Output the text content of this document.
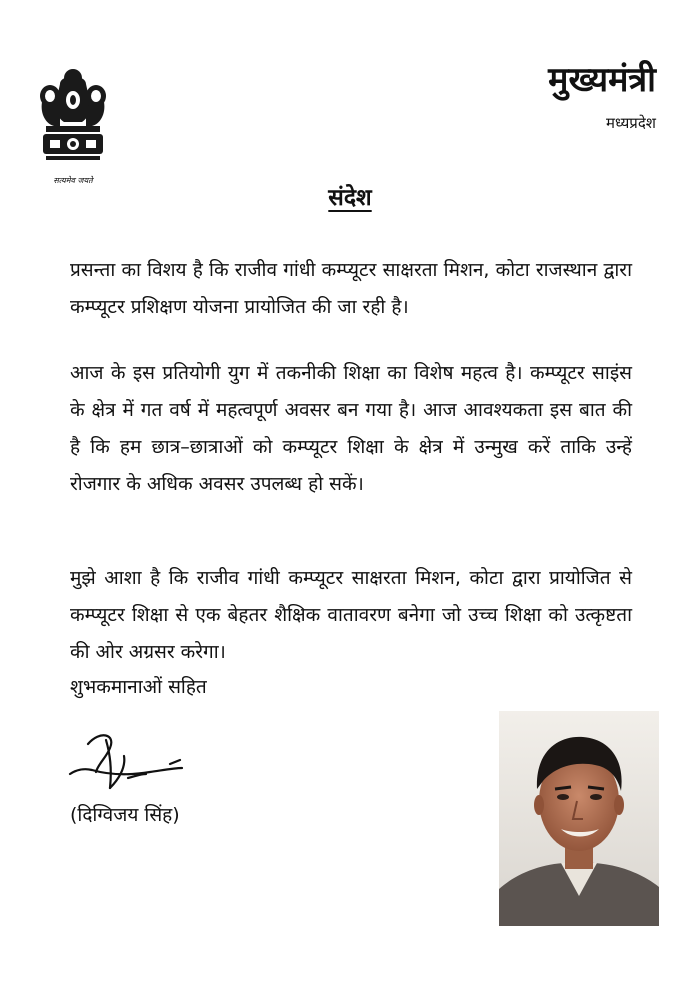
सत्यमेव जयते
मुख्यमंत्री
मध्यप्रदेश
संदेश

प्रसन्ता का विशय है कि राजीव गांधी कम्प्यूटर साक्षरता मिशन, कोटा राजस्थान द्वारा कम्प्यूटर प्रशिक्षण योजना प्रायोजित की जा रही है।

आज के इस प्रतियोगी युग में तकनीकी शिक्षा का विशेष महत्व है। कम्प्यूटर साइंस के क्षेत्र में गत वर्ष में महत्वपूर्ण अवसर बन गया है। आज आवश्यकता इस बात की है कि हम छात्र–छात्राओं को कम्प्यूटर शिक्षा के क्षेत्र में उन्मुख करें ताकि उन्हें रोजगार के अधिक अवसर उपलब्ध हो सकें।

मुझे आशा है कि राजीव गांधी कम्प्यूटर साक्षरता मिशन, कोटा द्वारा प्रायोजित से कम्प्यूटर शिक्षा से एक बेहतर शैक्षिक वातावरण बनेगा जो उच्च शिक्षा को उत्कृष्टता की ओर अग्रसर करेगा।

शुभकमानाओं सहित
(दिग्विजय सिंह)
